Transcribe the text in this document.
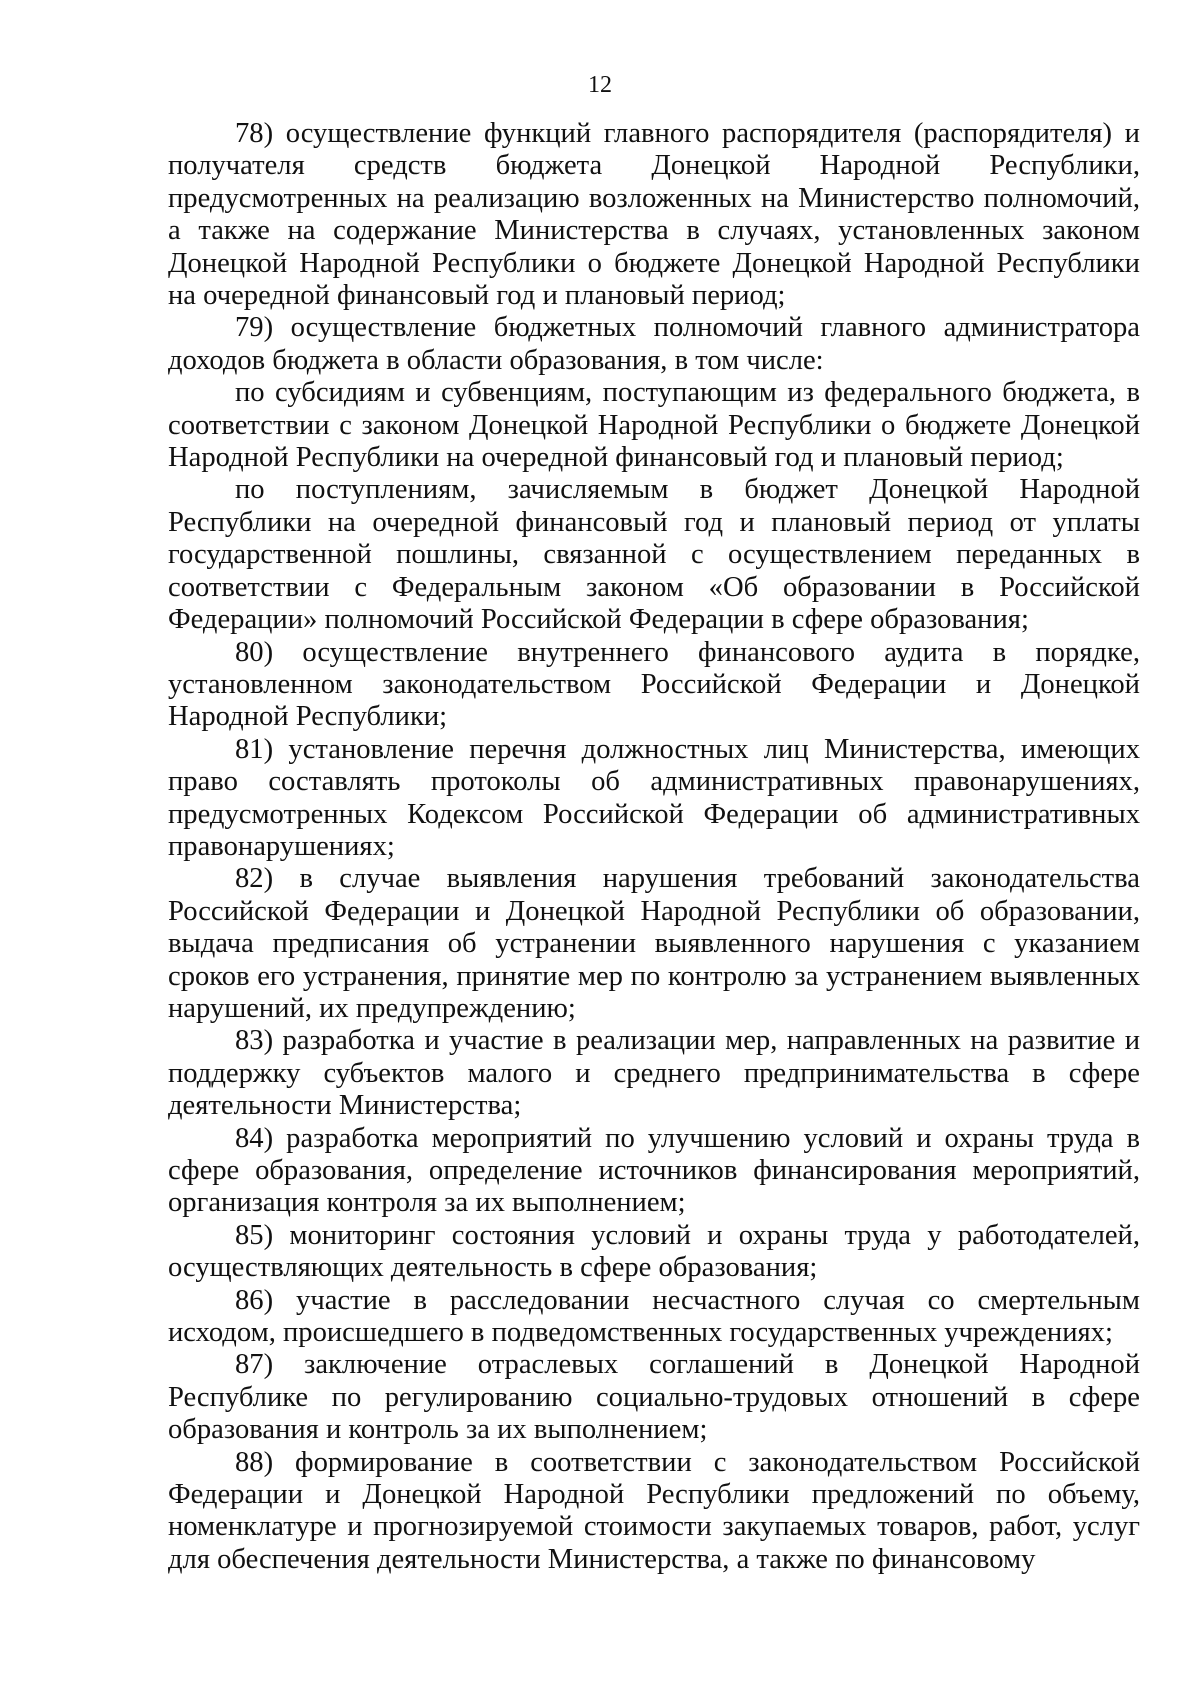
12

78) осуществление функций главного распорядителя (распорядителя) и получателя средств бюджета Донецкой Народной Республики, предусмотренных на реализацию возложенных на Министерство полномочий, а также на содержание Министерства в случаях, установленных законом Донецкой Народной Республики о бюджете Донецкой Народной Республики на очередной финансовый год и плановый период;

79) осуществление бюджетных полномочий главного администратора доходов бюджета в области образования, в том числе:

по субсидиям и субвенциям, поступающим из федерального бюджета, в соответствии с законом Донецкой Народной Республики о бюджете Донецкой Народной Республики на очередной финансовый год и плановый период;

по поступлениям, зачисляемым в бюджет Донецкой Народной Республики на очередной финансовый год и плановый период от уплаты государственной пошлины, связанной с осуществлением переданных в соответствии с Федеральным законом «Об образовании в Российской Федерации» полномочий Российской Федерации в сфере образования;

80) осуществление внутреннего финансового аудита в порядке, установленном законодательством Российской Федерации и Донецкой Народной Республики;

81) установление перечня должностных лиц Министерства, имеющих право составлять протоколы об административных правонарушениях, предусмотренных Кодексом Российской Федерации об административных правонарушениях;

82) в случае выявления нарушения требований законодательства Российской Федерации и Донецкой Народной Республики об образовании, выдача предписания об устранении выявленного нарушения с указанием сроков его устранения, принятие мер по контролю за устранением выявленных нарушений, их предупреждению;

83) разработка и участие в реализации мер, направленных на развитие и поддержку субъектов малого и среднего предпринимательства в сфере деятельности Министерства;

84) разработка мероприятий по улучшению условий и охраны труда в сфере образования, определение источников финансирования мероприятий, организация контроля за их выполнением;

85) мониторинг состояния условий и охраны труда у работодателей, осуществляющих деятельность в сфере образования;

86) участие в расследовании несчастного случая со смертельным исходом, происшедшего в подведомственных государственных учреждениях;

87) заключение отраслевых соглашений в Донецкой Народной Республике по регулированию социально-трудовых отношений в сфере образования и контроль за их выполнением;

88) формирование в соответствии с законодательством Российской Федерации и Донецкой Народной Республики предложений по объему, номенклатуре и прогнозируемой стоимости закупаемых товаров, работ, услуг для обеспечения деятельности Министерства, а также по финансовому
